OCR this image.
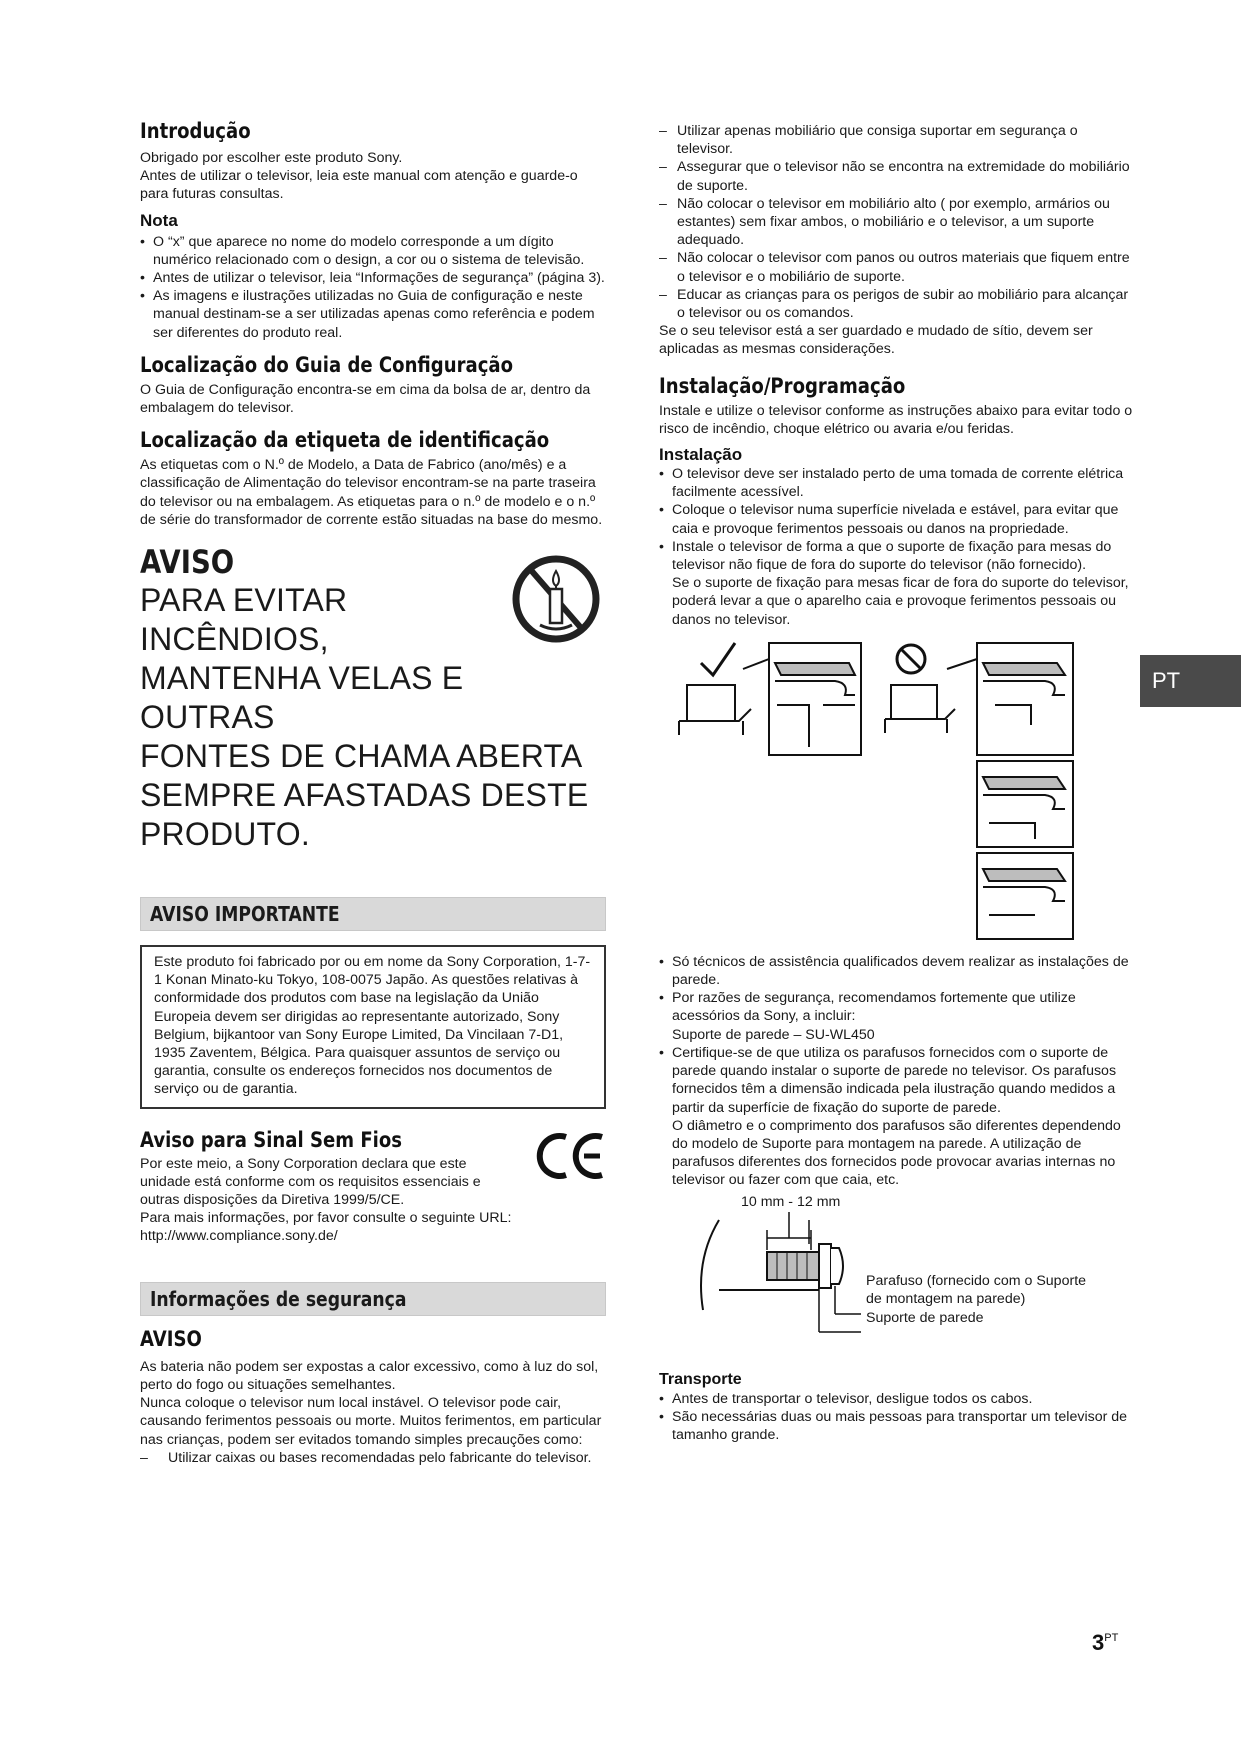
Introdução

Obrigado por escolher este produto Sony.

Antes de utilizar o televisor, leia este manual com atenção e guarde-o para futuras consultas.

Nota
• O “x” que aparece no nome do modelo corresponde a um dígito numérico relacionado com o design, a cor ou o sistema de televisão.
• Antes de utilizar o televisor, leia “Informações de segurança” (página 3).
• As imagens e ilustrações utilizadas no Guia de configuração e neste manual destinam-se a ser utilizadas apenas como referência e podem ser diferentes do produto real.
Localização do Guia de Configuração

O Guia de Configuração encontra-se em cima da bolsa de ar, dentro da embalagem do televisor.

Localização da etiqueta de identificação

As etiquetas com o N.º de Modelo, a Data de Fabrico (ano/mês) e a classificação de Alimentação do televisor encontram-se na parte traseira do televisor ou na embalagem. As etiquetas para o n.º de modelo e o n.º de série do transformador de corrente estão situadas na base do mesmo.

AVISO
PARA EVITAR
INCÊNDIOS,
MANTENHA VELAS E OUTRAS
FONTES DE CHAMA ABERTA
SEMPRE AFASTADAS DESTE
PRODUTO.
AVISO IMPORTANTE

Este produto foi fabricado por ou em nome da Sony Corporation, 1-7-1 Konan Minato-ku Tokyo, 108-0075 Japão. As questões relativas à conformidade dos produtos com base na legislação da União Europeia devem ser dirigidas ao representante autorizado, Sony Belgium, bijkantoor van Sony Europe Limited, Da Vincilaan 7-D1, 1935 Zaventem, Bélgica. Para quaisquer assuntos de serviço ou garantia, consulte os endereços fornecidos nos documentos de serviço ou de garantia.

Aviso para Sinal Sem Fios

Por este meio, a Sony Corporation declara que este unidade está conforme com os requisitos essenciais e outras disposições da Diretiva 1999/5/CE.

Para mais informações, por favor consulte o seguinte URL:

http://www.compliance.sony.de/

Informações de segurança
AVISO

As bateria não podem ser expostas a calor excessivo, como à luz do sol, perto do fogo ou situações semelhantes.

Nunca coloque o televisor num local instável. O televisor pode cair, causando ferimentos pessoais ou morte. Muitos ferimentos, em particular nas crianças, podem ser evitados tomando simples precauções como:

– Utilizar caixas ou bases recomendadas pelo fabricante do televisor.
– Utilizar apenas mobiliário que consiga suportar em segurança o televisor.
– Assegurar que o televisor não se encontra na extremidade do mobiliário de suporte.
– Não colocar o televisor em mobiliário alto ( por exemplo, armários ou estantes) sem fixar ambos, o mobiliário e o televisor, a um suporte adequado.
– Não colocar o televisor com panos ou outros materiais que fiquem entre o televisor e o mobiliário de suporte.
– Educar as crianças para os perigos de subir ao mobiliário para alcançar o televisor ou os comandos.

Se o seu televisor está a ser guardado e mudado de sítio, devem ser aplicadas as mesmas considerações.

Instalação/Programação

Instale e utilize o televisor conforme as instruções abaixo para evitar todo o risco de incêndio, choque elétrico ou avaria e/ou feridas.

Instalação
• O televisor deve ser instalado perto de uma tomada de corrente elétrica facilmente acessível.
• Coloque o televisor numa superfície nivelada e estável, para evitar que caia e provoque ferimentos pessoais ou danos na propriedade.
• Instale o televisor de forma a que o suporte de fixação para mesas do televisor não fique de fora do suporte do televisor (não fornecido).
Se o suporte de fixação para mesas ficar de fora do suporte do televisor, poderá levar a que o aparelho caia e provoque ferimentos pessoais ou danos no televisor.
• Só técnicos de assistência qualificados devem realizar as instalações de parede.
• Por razões de segurança, recomendamos fortemente que utilize acessórios da Sony, a incluir:
Suporte de parede – SU-WL450
• Certifique-se de que utiliza os parafusos fornecidos com o suporte de parede quando instalar o suporte de parede no televisor. Os parafusos fornecidos têm a dimensão indicada pela ilustração quando medidos a partir da superfície de fixação do suporte de parede.
O diâmetro e o comprimento dos parafusos são diferentes dependendo do modelo de Suporte para montagem na parede. A utilização de parafusos diferentes dos fornecidos pode provocar avarias internas no televisor ou fazer com que caia, etc.
10 mm - 12 mm
Parafuso (fornecido com o Suporte
de montagem na parede)
Suporte de parede
Transporte
• Antes de transportar o televisor, desligue todos os cabos.
• São necessárias duas ou mais pessoas para transportar um televisor de tamanho grande.
PT
$3^{PT}$
